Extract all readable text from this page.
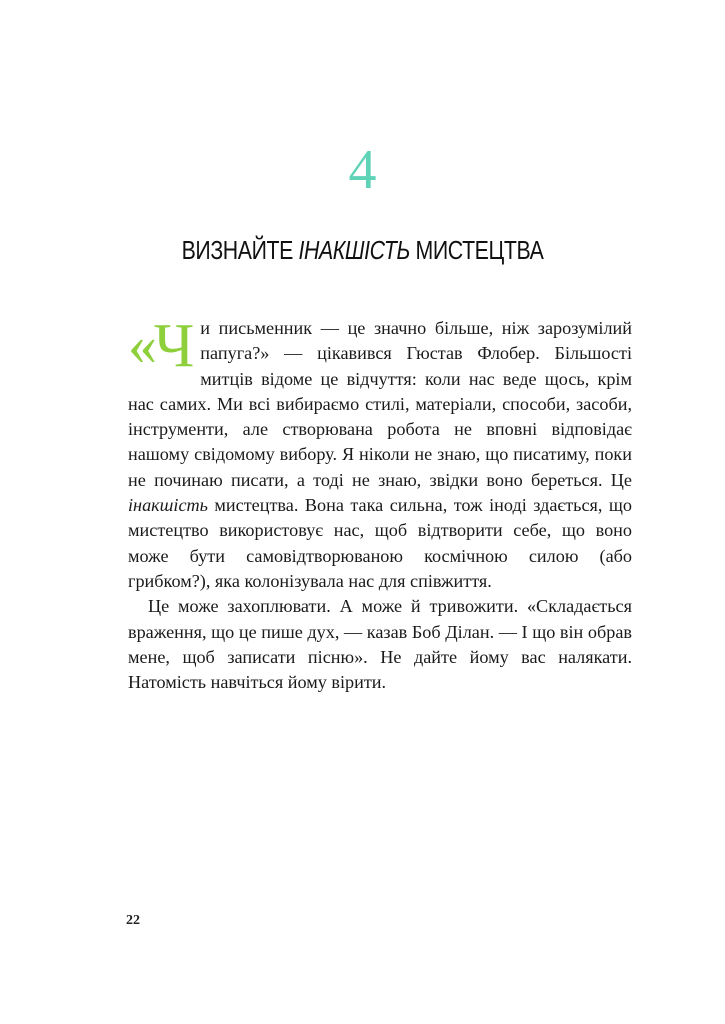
4
ВИЗНАЙТЕ ІНАКШІСТЬ МИСТЕЦТВА

«Ч и письменник — це значно більше, ніж зарозумілий папуга?» — цікавився Гюстав Флобер. Більшості митців відоме це відчуття: коли нас веде щось, крім нас самих. Ми всі вибираємо стилі, матеріали, способи, засоби, інструменти, але створювана робота не вповні відповідає нашому свідомому вибору. Я ніколи не знаю, що писатиму, поки не починаю писати, а тоді не знаю, звідки воно береться. Це інакшість мистецтва. Вона така сильна, тож іноді здається, що мистецтво використовує нас, щоб відтворити себе, що воно може бути самовідтворюваною космічною силою (або грибком?), яка колонізувала нас для співжиття.

Це може захоплювати. А може й тривожити. «Складається враження, що це пише дух, — казав Боб Ділан. — І що він обрав мене, щоб записати пісню». Не дайте йому вас налякати. Натомість навчіться йому вірити.

22
